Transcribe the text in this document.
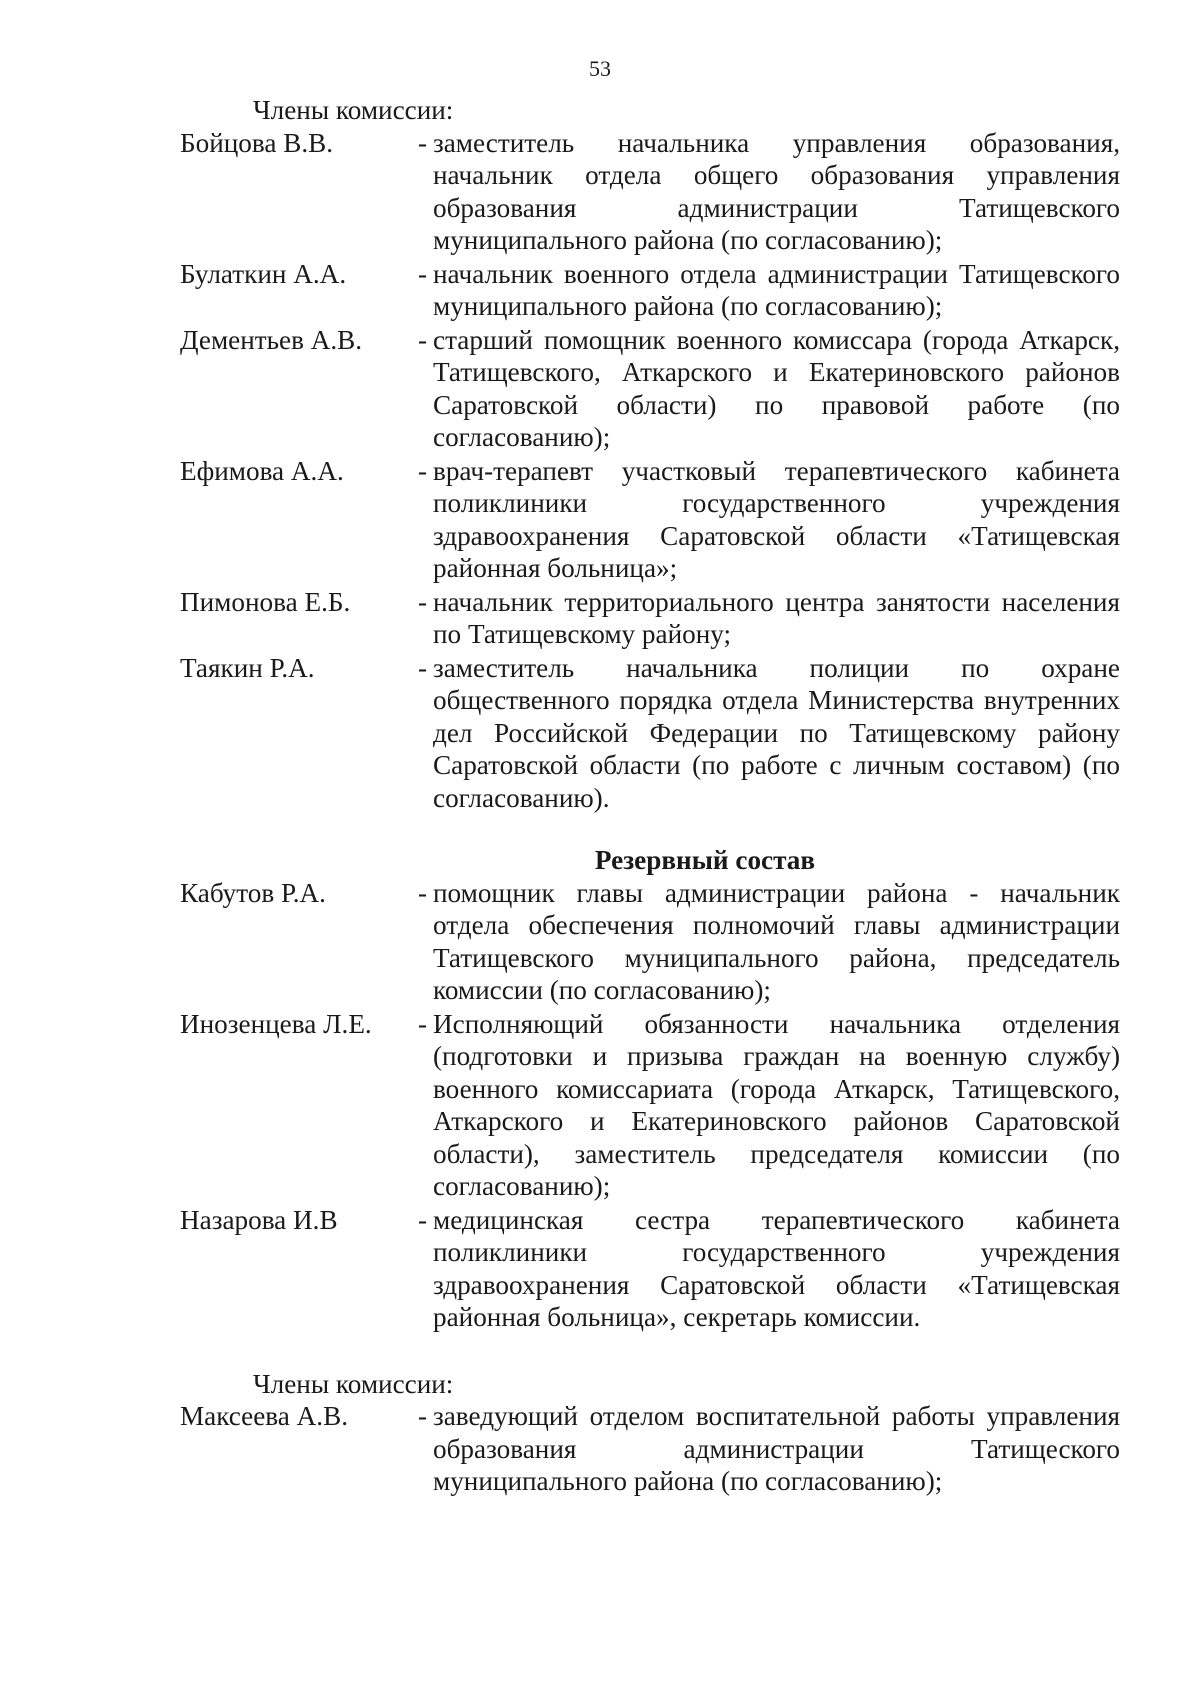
53

Члены комиссии:

Бойцова В.В.	- заместитель начальника управления образования, начальник отдела общего образования управления образования администрации Татищевского муниципального района (по согласованию);
Булаткин А.А.	- начальник военного отдела администрации Татищевского муниципального района (по согласованию);
Дементьев А.В.	- старший помощник военного комиссара (города Аткарск, Татищевского, Аткарского и Екатериновского районов Саратовской области) по правовой работе (по согласованию);
Ефимова А.А.	- врач-терапевт участковый терапевтического кабинета поликлиники государственного учреждения здравоохранения Саратовской области «Татищевская районная больница»;
Пимонова Е.Б.	- начальник территориального центра занятости населения по Татищевскому району;
Таякин Р.А.	- заместитель начальника полиции по охране общественного порядка отдела Министерства внутренних дел Российской Федерации по Татищевскому району Саратовской области (по работе с личным составом) (по согласованию).

Резервный состав

Кабутов Р.А.	- помощник главы администрации района - начальник отдела обеспечения полномочий главы администрации Татищевского муниципального района, председатель комиссии (по согласованию);
Инозенцева Л.Е.	- Исполняющий обязанности начальника отделения (подготовки и призыва граждан на военную службу) военного комиссариата (города Аткарск, Татищевского, Аткарского и Екатериновского районов Саратовской области), заместитель председателя комиссии (по согласованию);
Назарова И.В	- медицинская сестра терапевтического кабинета поликлиники государственного учреждения здравоохранения Саратовской области «Татищевская районная больница», секретарь комиссии.

Члены комиссии:

Максеева А.В.	- заведующий отделом воспитательной работы управления образования администрации Татищеского муниципального района (по согласованию);
